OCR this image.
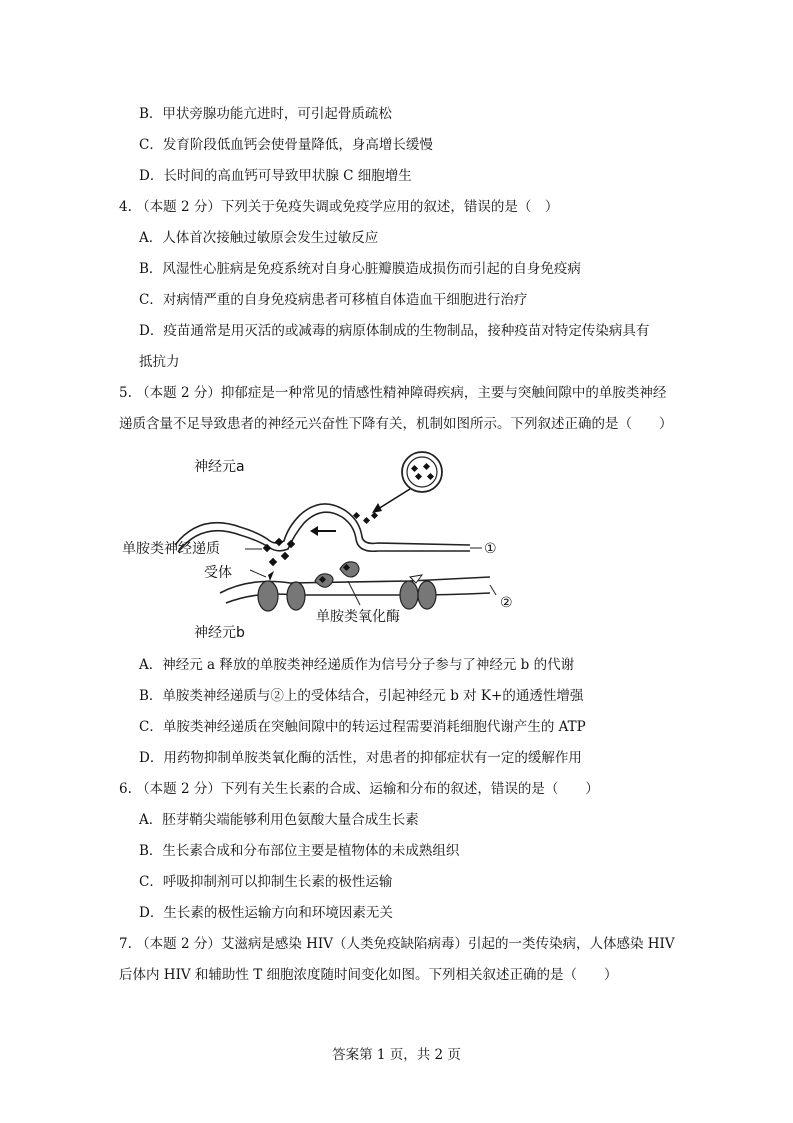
B．甲状旁腺功能亢进时，可引起骨质疏松
C．发育阶段低血钙会使骨量降低，身高增长缓慢
D．长时间的高血钙可导致甲状腺 C 细胞增生
4. （本题 2 分）下列关于免疫失调或免疫学应用的叙述，错误的是（　）
A．人体首次接触过敏原会发生过敏反应
B．风湿性心脏病是免疫系统对自身心脏瓣膜造成损伤而引起的自身免疫病
C．对病情严重的自身免疫病患者可移植自体造血干细胞进行治疗
D．疫苗通常是用灭活的或减毒的病原体制成的生物制品，接种疫苗对特定传染病具有
抵抗力
5. （本题 2 分）抑郁症是一种常见的情感性精神障碍疾病，主要与突触间隙中的单胺类神经
递质含量不足导致患者的神经元兴奋性下降有关，机制如图所示。下列叙述正确的是（　　）
神经元a
单胺类神经递质
受体
单胺类氧化酶
神经元b
①
②
A．神经元 a 释放的单胺类神经递质作为信号分子参与了神经元 b 的代谢
B．单胺类神经递质与②上的受体结合，引起神经元 b 对 K+的通透性增强
C．单胺类神经递质在突触间隙中的转运过程需要消耗细胞代谢产生的 ATP
D．用药物抑制单胺类氧化酶的活性，对患者的抑郁症状有一定的缓解作用
6. （本题 2 分）下列有关生长素的合成、运输和分布的叙述，错误的是（　　）
A．胚芽鞘尖端能够利用色氨酸大量合成生长素
B．生长素合成和分布部位主要是植物体的未成熟组织
C．呼吸抑制剂可以抑制生长素的极性运输
D．生长素的极性运输方向和环境因素无关
7. （本题 2 分）艾滋病是感染 HIV（人类免疫缺陷病毒）引起的一类传染病，人体感染 HIV
后体内 HIV 和辅助性 T 细胞浓度随时间变化如图。下列相关叙述正确的是（　　）
答案第 1 页，共 2 页
